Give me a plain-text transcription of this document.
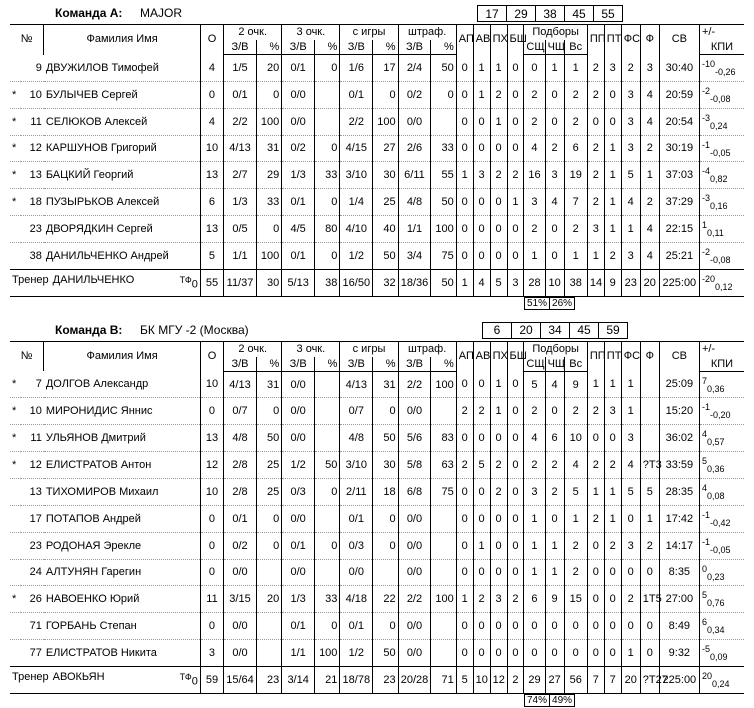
Команда A: MAJOR	17	29	38	45	55
№		Фамилия Имя	О	2 очк.		3 очк.		с игры		штраф.		АП	АВ	ПХ	БШ	Подборы			ПП	ПТ	ФС	Ф	СВ	+/-
				З/В	%	З/В	%	З/В	%	З/В	%					СЩ	ЧЩ	Вс						КПИ
	9	ДВУЖИЛОВ Тимофей	4	1/5	20	0/1	0	1/6	17	2/4	50	0	1	1	0	0	1	1	2	3	2	3	30:40	$^{-10}_{-0,26}$
*	10	БУЛЫЧЕВ Сергей	0	0/1	0	0/0		0/1	0	0/2	0	0	1	2	0	2	0	2	2	0	3	4	20:59	$^{-2}_{-0,08}$
*	11	СЕЛЮКОВ Алексей	4	2/2	100	0/0		2/2	100	0/0		0	0	1	0	2	0	2	0	0	3	4	20:54	$^{-3}_{0,24}$
*	12	КАРШУНОВ Григорий	10	4/13	31	0/2	0	4/15	27	2/6	33	0	0	0	0	4	2	6	2	1	3	2	30:19	$^{-1}_{-0,05}$
*	13	БАЦКИЙ Георгий	13	2/7	29	1/3	33	3/10	30	6/11	55	1	3	2	2	16	3	19	2	1	5	1	37:03	$^{-4}_{0,82}$
*	18	ПУЗЫРЬКОВ Алексей	6	1/3	33	0/1	0	1/4	25	4/8	50	0	0	0	1	3	4	7	2	1	4	2	37:29	$^{-3}_{0,16}$
	23	ДВОРЯДКИН Сергей	13	0/5	0	4/5	80	4/10	40	1/1	100	0	0	0	0	2	0	2	3	1	1	4	22:15	$^1_{0,11}$
	38	ДАНИЛЬЧЕНКО Андрей	5	1/1	100	0/1	0	1/2	50	3/4	75	0	0	0	0	1	0	1	1	2	3	4	25:21	$^{-2}_{-0,08}$
Тренер ДАНИЛЬЧЕНКО $^{ТФ}$0			55	11/37	30	5/13	38	16/50	32	18/36	50	1	4	5	3	28	10	38	14	9	23	20	225:00	$^{-20}_{0,12}$
51% 26%
Команда B: БК МГУ -2 (Москва)	6	20	34	45	59
№		Фамилия Имя	О	2 очк.		3 очк.		с игры		штраф.		АП	АВ	ПХ	БШ	Подборы			ПП	ПТ	ФС	Ф	СВ	+/-
				З/В	%	З/В	%	З/В	%	З/В	%					СЩ	ЧЩ	Вс						КПИ
*	7	ДОЛГОВ Александр	10	4/13	31	0/0		4/13	31	2/2	100	0	0	1	0	5	4	9	1	1	1		25:09	$^7_{0,36}$
*	10	МИРОНИДИС Яннис	0	0/7	0	0/0		0/7	0	0/0		2	2	1	0	2	0	2	2	3	1		15:20	$^{-1}_{-0,20}$
*	11	УЛЬЯНОВ Дмитрий	13	4/8	50	0/0		4/8	50	5/6	83	0	0	0	0	4	6	10	0	0	3		36:02	$^4_{0,57}$
*	12	ЕЛИСТРАТОВ Антон	12	2/8	25	1/2	50	3/10	30	5/8	63	2	5	2	0	2	2	4	2	2	4	?T3	33:59	$^5_{0,36}$
	13	ТИХОМИРОВ Михаил	10	2/8	25	0/3	0	2/11	18	6/8	75	0	0	2	0	3	2	5	1	1	5	5	28:35	$^4_{0,08}$
	17	ПОТАПОВ Андрей	0	0/1	0	0/0		0/1	0	0/0		0	0	0	0	1	0	1	2	1	0	1	17:42	$^{-1}_{-0,42}$
	23	РОДОНАЯ Эрекле	0	0/2	0	0/1	0	0/3	0	0/0		0	1	0	0	1	1	2	0	2	3	2	14:17	$^{-1}_{-0,05}$
	24	АЛТУНЯН Гарегин	0	0/0		0/0		0/0		0/0		0	0	0	0	1	1	2	0	0	0	0	8:35	$^0_{0,23}$
*	26	НАВОЕНКО Юрий	11	3/15	20	1/3	33	4/18	22	2/2	100	1	2	3	2	6	9	15	0	0	2	1T5	27:00	$^5_{0,76}$
	71	ГОРБАНЬ Степан	0	0/0		0/1	0	0/1	0	0/0		0	0	0	0	0	0	0	0	0	0	0	8:49	$^6_{0,34}$
	77	ЕЛИСТРАТОВ Никита	3	0/0		1/1	100	1/2	50	0/0		0	0	0	0	0	0	0	0	0	1	0	9:32	$^{-5}_{0,09}$
Тренер АВОКЬЯН $^{ТФ}$0			59	15/64	23	3/14	21	18/78	23	20/28	71	5	10	12	2	29	27	56	7	7	20	?T27	225:00	$^{20}_{0,24}$
74% 49%
